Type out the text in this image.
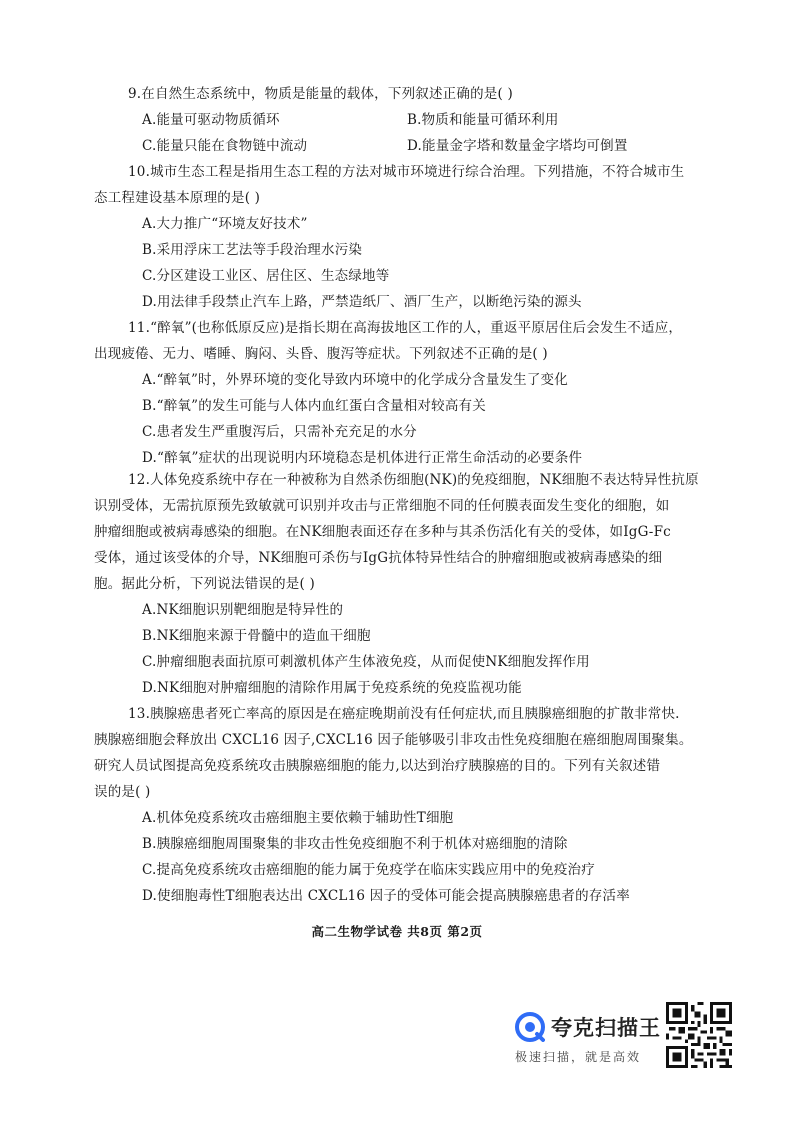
9.在自然生态系统中，物质是能量的载体，下列叙述正确的是( )
A.能量可驱动物质循环	B.物质和能量可循环利用
C.能量只能在食物链中流动	D.能量金字塔和数量金字塔均可倒置
10.城市生态工程是指用生态工程的方法对城市环境进行综合治理。下列措施，不符合城市生
态工程建设基本原理的是( )
A.大力推广“环境友好技术”
B.采用浮床工艺法等手段治理水污染
C.分区建设工业区、居住区、生态绿地等
D.用法律手段禁止汽车上路，严禁造纸厂、酒厂生产，以断绝污染的源头
11.“醉氧”(也称低原反应)是指长期在高海拔地区工作的人，重返平原居住后会发生不适应，
出现疲倦、无力、嗜睡、胸闷、头昏、腹泻等症状。下列叙述不正确的是( )
A.“醉氧”时，外界环境的变化导致内环境中的化学成分含量发生了变化
B.“醉氧”的发生可能与人体内血红蛋白含量相对较高有关
C.患者发生严重腹泻后，只需补充充足的水分
D.“醉氧”症状的出现说明内环境稳态是机体进行正常生命活动的必要条件
12.人体免疫系统中存在一种被称为自然杀伤细胞(NK)的免疫细胞，NK细胞不表达特异性抗原
识别受体，无需抗原预先致敏就可识别并攻击与正常细胞不同的任何膜表面发生变化的细胞，如
肿瘤细胞或被病毒感染的细胞。在NK细胞表面还存在多种与其杀伤活化有关的受体，如IgG-Fc
受体，通过该受体的介导，NK细胞可杀伤与IgG抗体特异性结合的肿瘤细胞或被病毒感染的细
胞。据此分析，下列说法错误的是( )
A.NK细胞识别靶细胞是特异性的
B.NK细胞来源于骨髓中的造血干细胞
C.肿瘤细胞表面抗原可刺激机体产生体液免疫，从而促使NK细胞发挥作用
D.NK细胞对肿瘤细胞的清除作用属于免疫系统的免疫监视功能
13.胰腺癌患者死亡率高的原因是在癌症晚期前没有任何症状,而且胰腺癌细胞的扩散非常快.
胰腺癌细胞会释放出 CXCL16 因子,CXCL16 因子能够吸引非攻击性免疫细胞在癌细胞周围聚集。
研究人员试图提高免疫系统攻击胰腺癌细胞的能力,以达到治疗胰腺癌的目的。下列有关叙述错
误的是( )
A.机体免疫系统攻击癌细胞主要依赖于辅助性T细胞
B.胰腺癌细胞周围聚集的非攻击性免疫细胞不利于机体对癌细胞的清除
C.提高免疫系统攻击癌细胞的能力属于免疫学在临床实践应用中的免疫治疗
D.使细胞毒性T细胞表达出 CXCL16 因子的受体可能会提高胰腺癌患者的存活率
高二生物学试卷 共8页 第2页
夸克扫描王
极速扫描，就是高效
